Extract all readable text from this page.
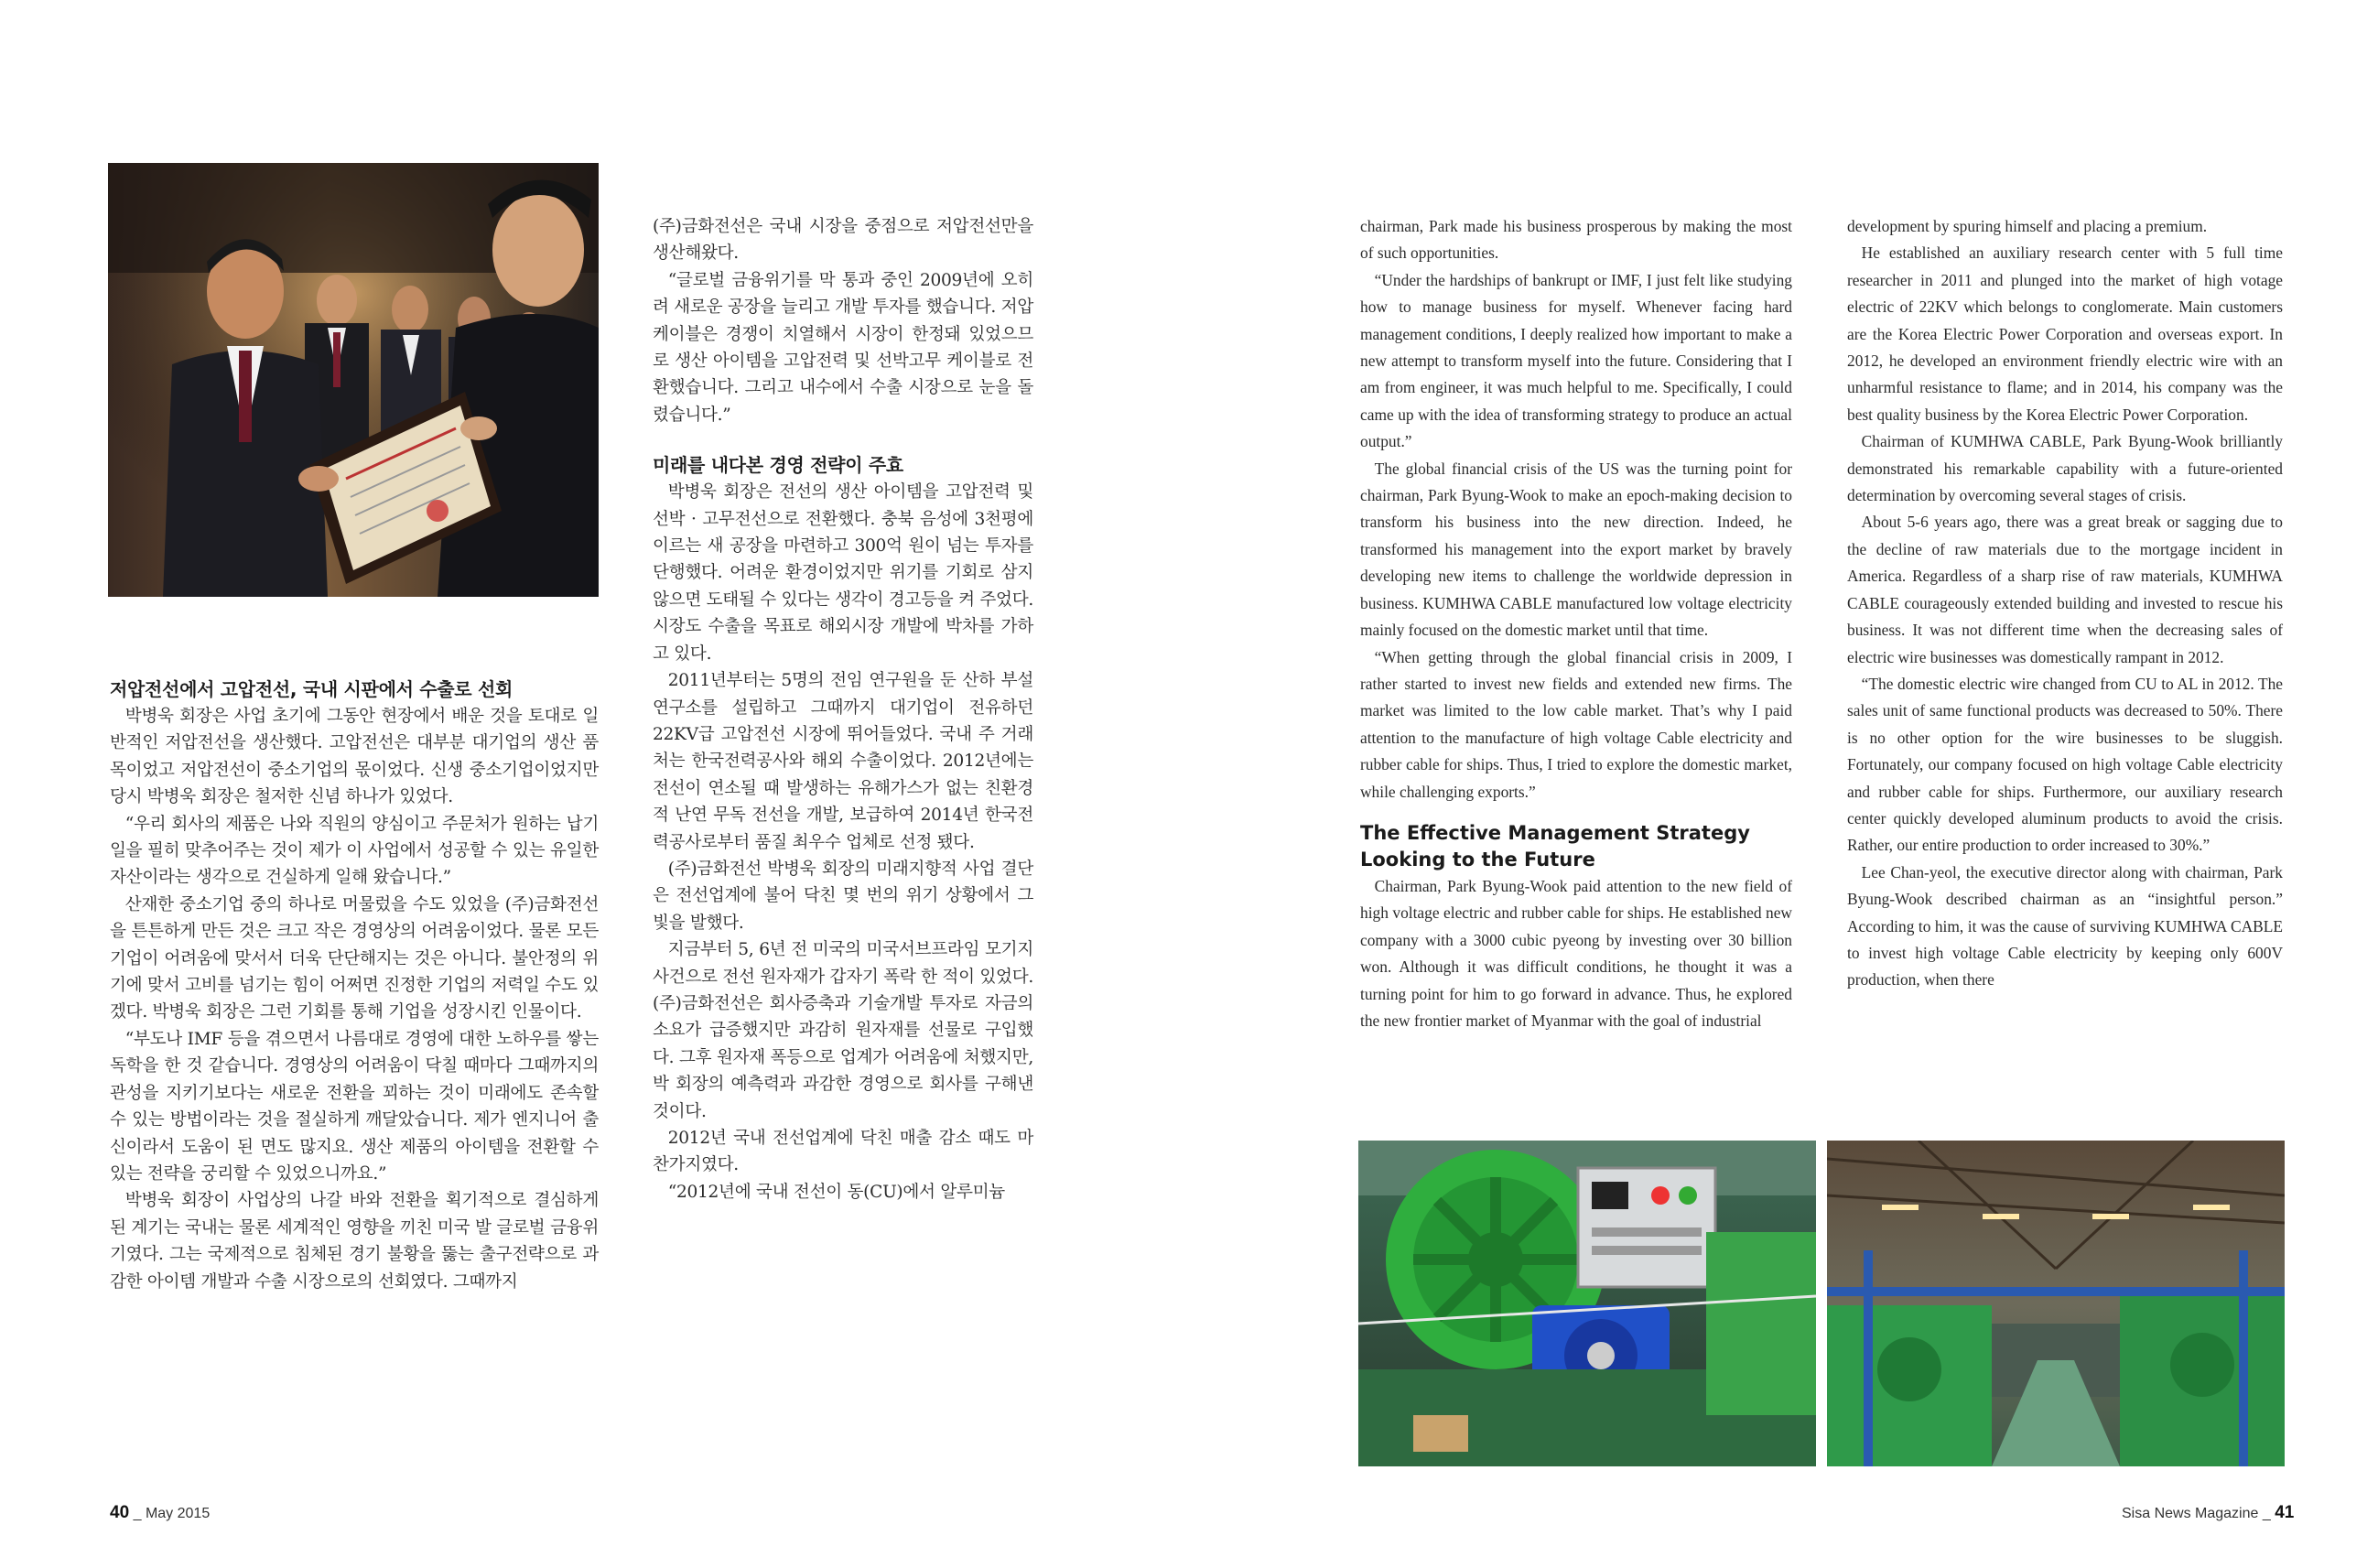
저압전선에서 고압전선, 국내 시판에서 수출로 선회

박병욱 회장은 사업 초기에 그동안 현장에서 배운 것을 토대로 일반적인 저압전선을 생산했다. 고압전선은 대부분 대기업의 생산 품목이었고 저압전선이 중소기업의 몫이었다. 신생 중소기업이었지만 당시 박병욱 회장은 철저한 신념 하나가 있었다.

“우리 회사의 제품은 나와 직원의 양심이고 주문처가 원하는 납기일을 필히 맞추어주는 것이 제가 이 사업에서 성공할 수 있는 유일한 자산이라는 생각으로 건실하게 일해 왔습니다.”

산재한 중소기업 중의 하나로 머물렀을 수도 있었을 (주)금화전선을 튼튼하게 만든 것은 크고 작은 경영상의 어려움이었다. 물론 모든 기업이 어려움에 맞서서 더욱 단단해지는 것은 아니다. 불안정의 위기에 맞서 고비를 넘기는 힘이 어쩌면 진정한 기업의 저력일 수도 있겠다. 박병욱 회장은 그런 기회를 통해 기업을 성장시킨 인물이다.

“부도나 IMF 등을 겪으면서 나름대로 경영에 대한 노하우를 쌓는 독학을 한 것 같습니다. 경영상의 어려움이 닥칠 때마다 그때까지의 관성을 지키기보다는 새로운 전환을 꾀하는 것이 미래에도 존속할 수 있는 방법이라는 것을 절실하게 깨달았습니다. 제가 엔지니어 출신이라서 도움이 된 면도 많지요. 생산 제품의 아이템을 전환할 수 있는 전략을 궁리할 수 있었으니까요.”

박병욱 회장이 사업상의 나갈 바와 전환을 획기적으로 결심하게 된 계기는 국내는 물론 세계적인 영향을 끼친 미국 발 글로벌 금융위기였다. 그는 국제적으로 침체된 경기 불황을 뚫는 출구전략으로 과감한 아이템 개발과 수출 시장으로의 선회였다. 그때까지

(주)금화전선은 국내 시장을 중점으로 저압전선만을 생산해왔다.

“글로벌 금융위기를 막 통과 중인 2009년에 오히려 새로운 공장을 늘리고 개발 투자를 했습니다. 저압케이블은 경쟁이 치열해서 시장이 한정돼 있었으므로 생산 아이템을 고압전력 및 선박고무 케이블로 전환했습니다. 그리고 내수에서 수출 시장으로 눈을 돌렸습니다.”

미래를 내다본 경영 전략이 주효

박병욱 회장은 전선의 생산 아이템을 고압전력 및 선박 · 고무전선으로 전환했다. 충북 음성에 3천평에 이르는 새 공장을 마련하고 300억 원이 넘는 투자를 단행했다. 어려운 환경이었지만 위기를 기회로 삼지 않으면 도태될 수 있다는 생각이 경고등을 켜 주었다. 시장도 수출을 목표로 해외시장 개발에 박차를 가하고 있다.

2011년부터는 5명의 전임 연구원을 둔 산하 부설 연구소를 설립하고 그때까지 대기업이 전유하던 22KV급 고압전선 시장에 뛰어들었다. 국내 주 거래처는 한국전력공사와 해외 수출이었다. 2012년에는 전선이 연소될 때 발생하는 유해가스가 없는 친환경적 난연 무독 전선을 개발, 보급하여 2014년 한국전력공사로부터 품질 최우수 업체로 선정 됐다.

(주)금화전선 박병욱 회장의 미래지향적 사업 결단은 전선업계에 불어 닥친 몇 번의 위기 상황에서 그 빛을 발했다.

지금부터 5, 6년 전 미국의 미국서브프라임 모기지 사건으로 전선 원자재가 갑자기 폭락 한 적이 있었다. (주)금화전선은 회사증축과 기술개발 투자로 자금의 소요가 급증했지만 과감히 원자재를 선물로 구입했다. 그후 원자재 폭등으로 업계가 어려움에 처했지만, 박 회장의 예측력과 과감한 경영으로 회사를 구해낸 것이다.

2012년 국내 전선업계에 닥친 매출 감소 때도 마찬가지였다.

“2012년에 국내 전선이 동(CU)에서 알루미늄

40 _ May 2015

chairman, Park made his business prosperous by making the most of such opportunities.

“Under the hardships of bankrupt or IMF, I just felt like studying how to manage business for myself. Whenever facing hard management conditions, I deeply realized how important to make a new attempt to transform myself into the future. Considering that I am from engineer, it was much helpful to me. Specifically, I could came up with the idea of transforming strategy to produce an actual output.”

The global financial crisis of the US was the turning point for chairman, Park Byung-Wook to make an epoch-making decision to transform his business into the new direction. Indeed, he transformed his management into the export market by bravely developing new items to challenge the worldwide depression in business. KUMHWA CABLE manufactured low voltage electricity mainly focused on the domestic market until that time.

“When getting through the global financial crisis in 2009, I rather started to invest new fields and extended new firms. The market was limited to the low cable market. That’s why I paid attention to the manufacture of high voltage Cable electricity and rubber cable for ships. Thus, I tried to explore the domestic market, while challenging exports.”

The Effective Management Strategy Looking to the Future

Chairman, Park Byung-Wook paid attention to the new field of high voltage electric and rubber cable for ships. He established new company with a 3000 cubic pyeong by investing over 30 billion won. Although it was difficult conditions, he thought it was a turning point for him to go forward in advance. Thus, he explored the new frontier market of Myanmar with the goal of industrial

development by spuring himself and placing a premium.

He established an auxiliary research center with 5 full time researcher in 2011 and plunged into the market of high votage electric of 22KV which belongs to conglomerate. Main customers are the Korea Electric Power Corporation and overseas export. In 2012, he developed an environment friendly electric wire with an unharmful resistance to flame; and in 2014, his company was the best quality business by the Korea Electric Power Corporation.

Chairman of KUMHWA CABLE, Park Byung-Wook brilliantly demonstrated his remarkable capability with a future-oriented determination by overcoming several stages of crisis.

About 5-6 years ago, there was a great break or sagging due to the decline of raw materials due to the mortgage incident in America. Regardless of a sharp rise of raw materials, KUMHWA CABLE courageously extended building and invested to rescue his business. It was not different time when the decreasing sales of electric wire businesses was domestically rampant in 2012.

“The domestic electric wire changed from CU to AL in 2012. The sales unit of same functional products was decreased to 50%. There is no other option for the wire businesses to be sluggish. Fortunately, our company focused on high voltage Cable electricity and rubber cable for ships. Furthermore, our auxiliary research center quickly developed aluminum products to avoid the crisis. Rather, our entire production to order increased to 30%.”

Lee Chan-yeol, the executive director along with chairman, Park Byung-Wook described chairman as an “insightful person.” According to him, it was the cause of surviving KUMHWA CABLE to invest high voltage Cable electricity by keeping only 600V production, when there

Sisa News Magazine _ 41
